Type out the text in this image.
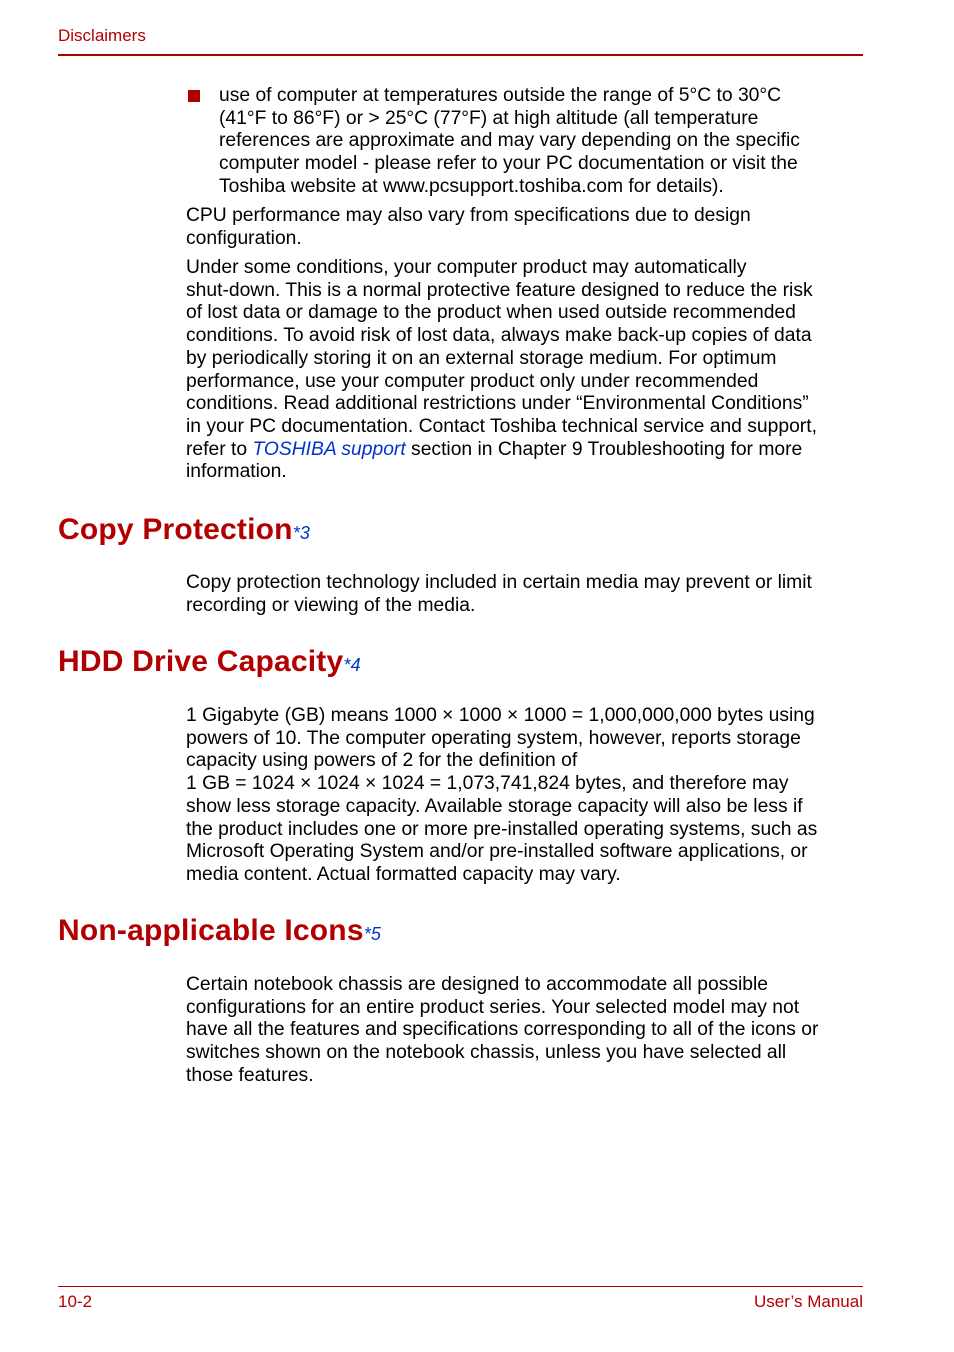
Disclaimers
use of computer at temperatures outside the range of 5°C to 30°C
(41°F to 86°F) or > 25°C (77°F) at high altitude (all temperature
references are approximate and may vary depending on the specific
computer model - please refer to your PC documentation or visit the
Toshiba website at www.pcsupport.toshiba.com for details).

CPU performance may also vary from specifications due to design
configuration.

Under some conditions, your computer product may automatically
shut-down. This is a normal protective feature designed to reduce the risk
of lost data or damage to the product when used outside recommended
conditions. To avoid risk of lost data, always make back-up copies of data
by periodically storing it on an external storage medium. For optimum
performance, use your computer product only under recommended
conditions. Read additional restrictions under “Environmental Conditions”
in your PC documentation. Contact Toshiba technical service and support,
refer to TOSHIBA support section in Chapter 9 Troubleshooting for more
information.

Copy Protection*3

Copy protection technology included in certain media may prevent or limit
recording or viewing of the media.

HDD Drive Capacity*4

1 Gigabyte (GB) means 1000 × 1000 × 1000 = 1,000,000,000 bytes using
powers of 10. The computer operating system, however, reports storage
capacity using powers of 2 for the definition of
1 GB = 1024 × 1024 × 1024 = 1,073,741,824 bytes, and therefore may
show less storage capacity. Available storage capacity will also be less if
the product includes one or more pre-installed operating systems, such as
Microsoft Operating System and/or pre-installed software applications, or
media content. Actual formatted capacity may vary.

Non-applicable Icons*5

Certain notebook chassis are designed to accommodate all possible
configurations for an entire product series. Your selected model may not
have all the features and specifications corresponding to all of the icons or
switches shown on the notebook chassis, unless you have selected all
those features.

10-2	User’s Manual
